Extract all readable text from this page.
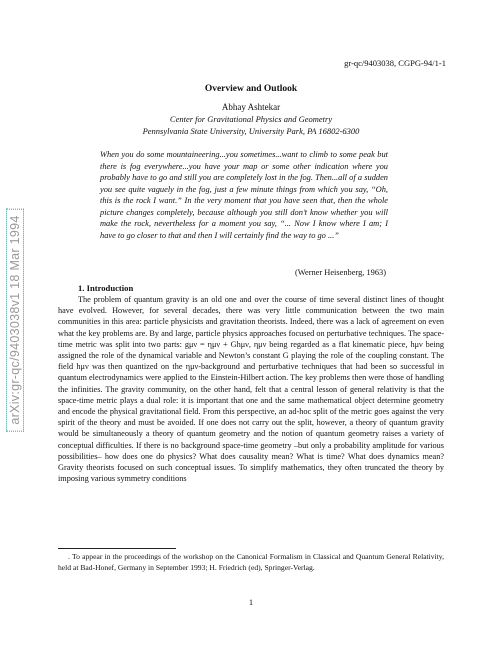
gr-qc/9403038, CGPG-94/1-1
arXiv:gr-qc/9403038v1 18 Mar 1994
Overview and Outlook
Abhay Ashtekar
Center for Gravitational Physics and Geometry
Pennsylvania State University, University Park, PA 16802-6300
When you do some mountaineering...you sometimes...want to climb to some peak but there is fog everywhere...you have your map or some other indication where you probably have to go and still you are completely lost in the fog. Then...all of a sudden you see quite vaguely in the fog, just a few minute things from which you say, “Oh, this is the rock I want.” In the very moment that you have seen that, then the whole picture changes completely, because although you still don’t know whether you will make the rock, nevertheless for a moment you say, “... Now I know where I am; I have to go closer to that and then I will certainly find the way to go ...”
(Werner Heisenberg, 1963)
1. Introduction

The problem of quantum gravity is an old one and over the course of time several distinct lines of thought have evolved. However, for several decades, there was very little communication between the two main communities in this area: particle physicists and gravitation theorists. Indeed, there was a lack of agreement on even what the key problems are. By and large, particle physics approaches focused on perturbative techniques. The space-time metric was split into two parts: gμν = ημν + Ghμν, ημν being regarded as a flat kinematic piece, hμν being assigned the role of the dynamical variable and Newton’s constant G playing the role of the coupling constant. The field hμν was then quantized on the ημν-background and perturbative techniques that had been so successful in quantum electrodynamics were applied to the Einstein-Hilbert action. The key problems then were those of handling the infinities. The gravity community, on the other hand, felt that a central lesson of general relativity is that the space-time metric plays a dual role: it is important that one and the same mathematical object determine geometry and encode the physical gravitational field. From this perspective, an ad-hoc split of the metric goes against the very spirit of the theory and must be avoided. If one does not carry out the split, however, a theory of quantum gravity would be simultaneously a theory of quantum geometry and the notion of quantum geometry raises a variety of conceptual difficulties. If there is no background space-time geometry –but only a probability amplitude for various possibilities– how does one do physics? What does causality mean? What is time? What does dynamics mean? Gravity theorists focused on such conceptual issues. To simplify mathematics, they often truncated the theory by imposing various symmetry conditions

. To appear in the proceedings of the workshop on the Canonical Formalism in Classical and Quantum General Relativity, held at Bad-Honef, Germany in September 1993; H. Friedrich (ed), Springer-Verlag.

1
